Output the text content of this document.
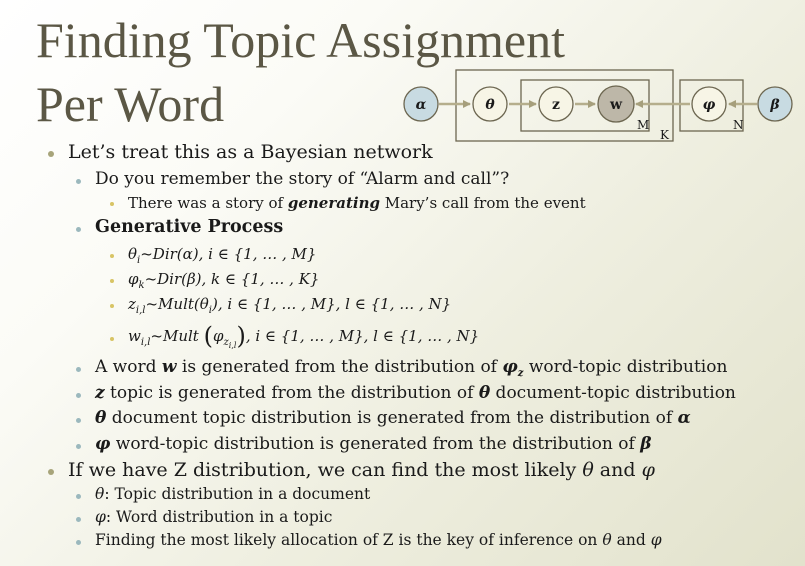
Finding Topic Assignment
Per Word	M
K
N
α	θ	z	w	φ	β
Let’s treat this as a Bayesian network
Do you remember the story of “Alarm and call”?
There was a story of generating Mary’s call from the event
Generative Process
$\theta_i\sim Dir(\alpha)$, i ∈ {1, … , M}
$\varphi_k\sim Dir(\beta)$, k ∈ {1, … , K}
$z_{i,l}\sim Mult(\theta_i)$, i ∈ {1, … , M}, l ∈ {1, … , N}
$w_{i,l}\sim Mult$ $(\varphi_{zi,l})$, i ∈ {1, … , M}, l ∈ {1, … , N}
A word w is generated from the distribution of $\varphi_z$ word-topic distribution
z topic is generated from the distribution of θ document-topic distribution
θ document topic distribution is generated from the distribution of α
φ word-topic distribution is generated from the distribution of β
If we have Z distribution, we can find the most likely θ and φ
θ: Topic distribution in a document
φ: Word distribution in a topic
Finding the most likely allocation of Z is the key of inference on θ and φ
